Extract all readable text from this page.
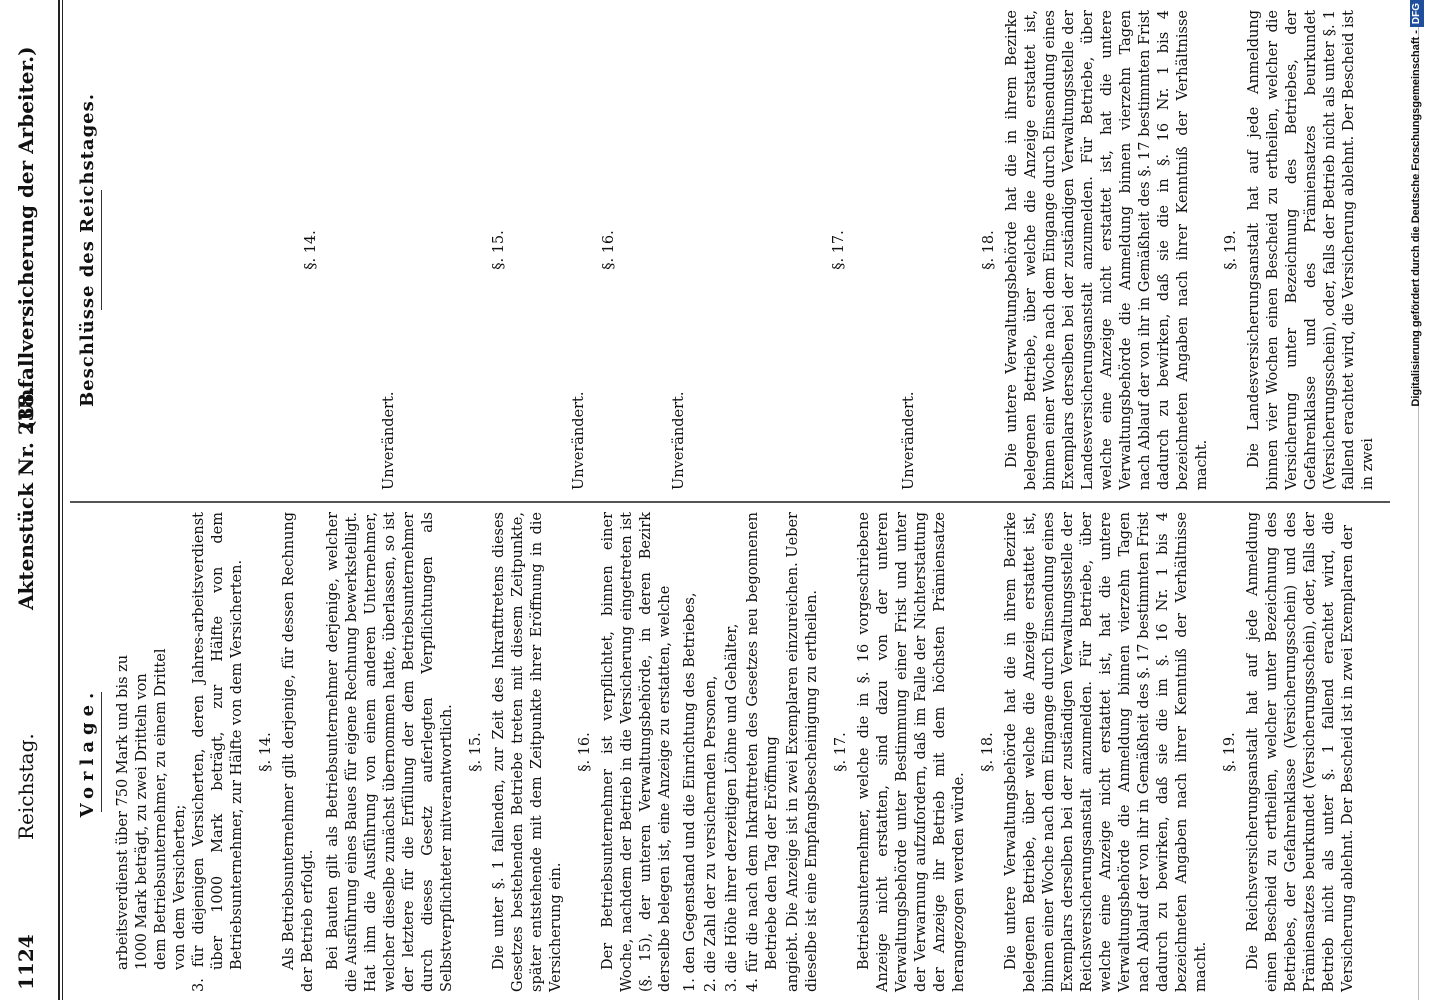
1124
Reichstag.
Aktenstück Nr. 238.
(Unfallversicherung der Arbeiter.)
Vorlage. arbeitsverdienst über 750 Mark und bis zu 1000 Mark beträgt, zu zwei Dritteln von dem Betriebsunternehmer, zu einem Drittel von dem Versicherten; 3. für diejenigen Versicherten, deren Jahres-arbeitsverdienst über 1000 Mark beträgt, zur Hälfte von dem Betriebsunternehmer, zur Hälfte von dem Versicherten. §. 14. Als Betriebsunternehmer gilt derjenige, für dessen Rechnung der Betrieb erfolgt. Bei Bauten gilt als Betriebsunternehmer derjenige, welcher die Ausführung eines Baues für eigene Rechnung bewerkstelligt. Hat ihm die Ausführung von einem anderen Unternehmer, welcher dieselbe zunächst übernommen hatte, überlassen, so ist der letztere für die Erfüllung der dem Betriebsunternehmer durch dieses Gesetz auferlegten Verpflichtungen als Selbstverpflichteter mitverantwortlich. §. 15. Die unter §. 1 fallenden, zur Zeit des Inkrafttretens dieses Gesetzes bestehenden Betriebe treten mit diesem Zeitpunkte, später entstehende mit dem Zeitpunkte ihrer Eröffnung in die Versicherung ein.

§. 16. Der Betriebsunternehmer ist verpflichtet, binnen einer Woche, nachdem der Betrieb in die Versicherung eingetreten ist (§. 15), der unteren Verwaltungsbehörde, in deren Bezirk derselbe belegen ist, eine Anzeige zu erstatten, welche 1. den Gegenstand und die Einrichtung des Betriebes, 2. die Zahl der zu versichernden Personen, 3. die Höhe ihrer derzeitigen Löhne und Gehälter, 4. für die nach dem Inkrafttreten des Gesetzes neu begonnenen Betriebe den Tag der Eröffnung angiebt. Die Anzeige ist in zwei Exemplaren einzureichen. Ueber dieselbe ist eine Empfangsbescheinigung zu ertheilen. §. 17. Betriebsunternehmer, welche die in §. 16 vorgeschriebene Anzeige nicht erstatten, sind dazu von der unteren Verwaltungsbehörde unter Bestimmung einer Frist und unter der Verwarnung aufzufordern, daß im Falle der Nichterstattung der Anzeige ihr Betrieb mit dem höchsten Prämiensatze herangezogen werden würde.

§. 18. Die untere Verwaltungsbehörde hat die in ihrem Bezirke belegenen Betriebe, über welche die Anzeige erstattet ist, binnen einer Woche nach dem Eingange durch Einsendung eines Exemplars derselben bei der zuständigen Verwaltungsstelle der Reichsversicherungsanstalt anzumelden. Für Betriebe, über welche eine Anzeige nicht erstattet ist, hat die untere Verwaltungsbehörde die Anmeldung binnen vierzehn Tagen nach Ablauf der von ihr in Gemäßheit des §. 17 bestimmten Frist dadurch zu bewirken, daß sie die im §. 16 Nr. 1 bis 4 bezeichneten Angaben nach ihrer Kenntniß der Verhältnisse macht.

§. 19. Die Reichsversicherungsanstalt hat auf jede Anmeldung einen Bescheid zu ertheilen, welcher unter Bezeichnung des Betriebes, der Gefahrenklasse (Versicherungsschein) und des Prämiensatzes beurkundet (Versicherungsschein), oder, falls der Betrieb nicht als unter §. 1 fallend erachtet wird, die Versicherung ablehnt. Der Bescheid ist in zwei Exemplaren der

Beschlüsse des Reichstages.	§. 14.
Unverändert.
§. 15.
Unverändert.
§. 16.
Unverändert.
§. 17.
Unverändert.
§. 18. Die untere Verwaltungsbehörde hat die in ihrem Bezirke belegenen Betriebe, über welche die Anzeige erstattet ist, binnen einer Woche nach dem Eingange durch Einsendung eines Exemplars derselben bei der zuständigen Verwaltungsstelle der Landesversicherungsanstalt anzumelden. Für Betriebe, über welche eine Anzeige nicht erstattet ist, hat die untere Verwaltungsbehörde die Anmeldung binnen vierzehn Tagen nach Ablauf der von ihr in Gemäßheit des §. 17 bestimmten Frist dadurch zu bewirken, daß sie die in §. 16 Nr. 1 bis 4 bezeichneten Angaben nach ihrer Kenntniß der Verhältnisse macht.

§. 19. Die Landesversicherungsanstalt hat auf jede Anmeldung binnen vier Wochen einen Bescheid zu ertheilen, welcher die Versicherung unter Bezeichnung des Betriebes, der Gefahrenklasse und des Prämiensatzes beurkundet (Versicherungsschein), oder, falls der Betrieb nicht als unter §. 1 fallend erachtet wird, die Versicherung ablehnt. Der Bescheid ist in zwei

Digitalisierung gefördert durch die Deutsche Forschungsgemeinschaft -DFG
